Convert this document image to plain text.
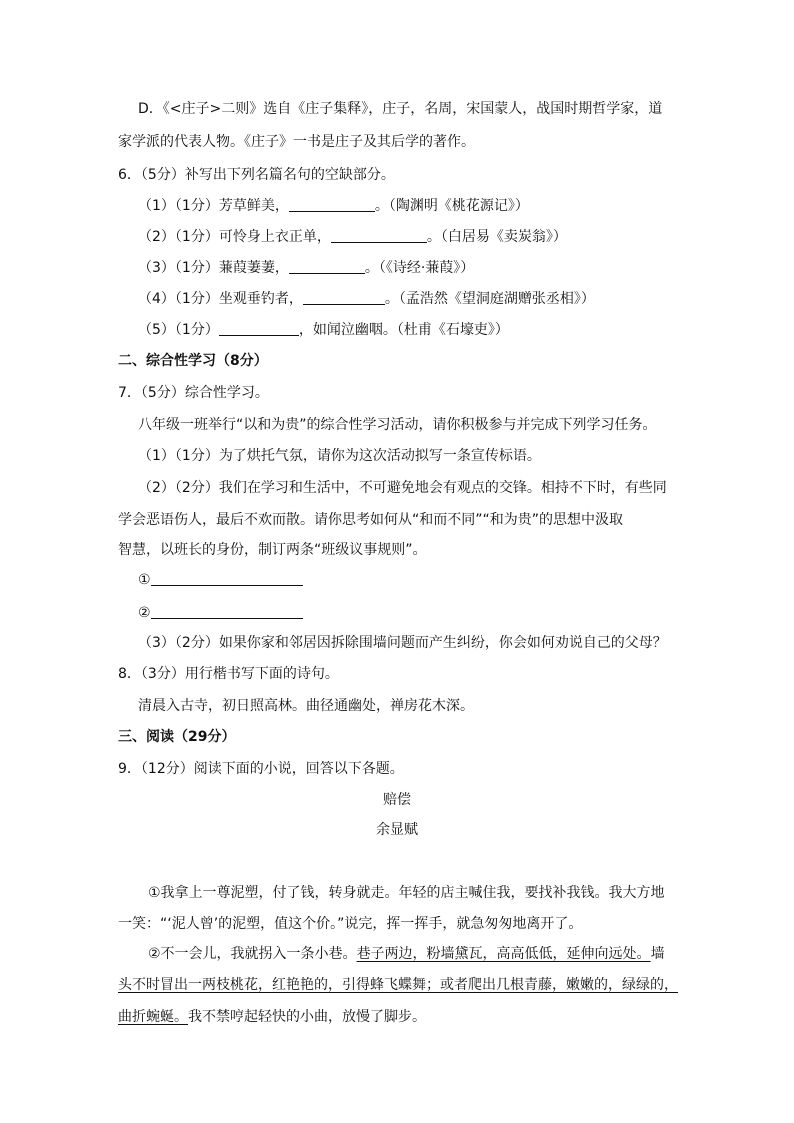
D．《<庄子>二则》选自《庄子集释》，庄子，名周，宋国蒙人，战国时期哲学家，道
家学派的代表人物。《庄子》一书是庄子及其后学的著作。
6．（5分）补写出下列名篇名句的空缺部分。
（1）（1分）芳草鲜美，	。（陶渊明《桃花源记》）
（2）（1分）可怜身上衣正单，	。（白居易《卖炭翁》）
（3）（1分）蒹葭萋萋，	。（《诗经·蒹葭》）
（4）（1分）坐观垂钓者，	。（孟浩然《望洞庭湖赠张丞相》）
（5）（1分）	，如闻泣幽咽。（杜甫《石壕吏》）
二、综合性学习（8分）
7．（5分）综合性学习。
八年级一班举行“以和为贵”的综合性学习活动，请你积极参与并完成下列学习任务。
（1）（1分）为了烘托气氛，请你为这次活动拟写一条宣传标语。
（2）（2分）我们在学习和生活中，不可避免地会有观点的交锋。相持不下时，有些同
学会恶语伤人，最后不欢而散。请你思考如何从“和而不同”“和为贵”的思想中汲取
智慧，以班长的身份，制订两条“班级议事规则”。
①
②
（3）（2分）如果你家和邻居因拆除围墙问题而产生纠纷，你会如何劝说自己的父母？
8．（3分）用行楷书写下面的诗句。
清晨入古寺，初日照高林。曲径通幽处，禅房花木深。
三、阅读（29分）
9．（12分）阅读下面的小说，回答以下各题。
赔偿
余显赋
①我拿上一尊泥塑，付了钱，转身就走。年轻的店主喊住我，要找补我钱。我大方地
一笑：“‘泥人曾’的泥塑，值这个价。”说完，挥一挥手，就急匆匆地离开了。
②不一会儿，我就拐入一条小巷。巷子两边，粉墙黛瓦，高高低低，延伸向远处。墙
头不时冒出一两枝桃花，红艳艳的，引得蜂飞蝶舞；或者爬出几根青藤，嫩嫩的，绿绿的，
曲折蜿蜒。我不禁哼起轻快的小曲，放慢了脚步。
